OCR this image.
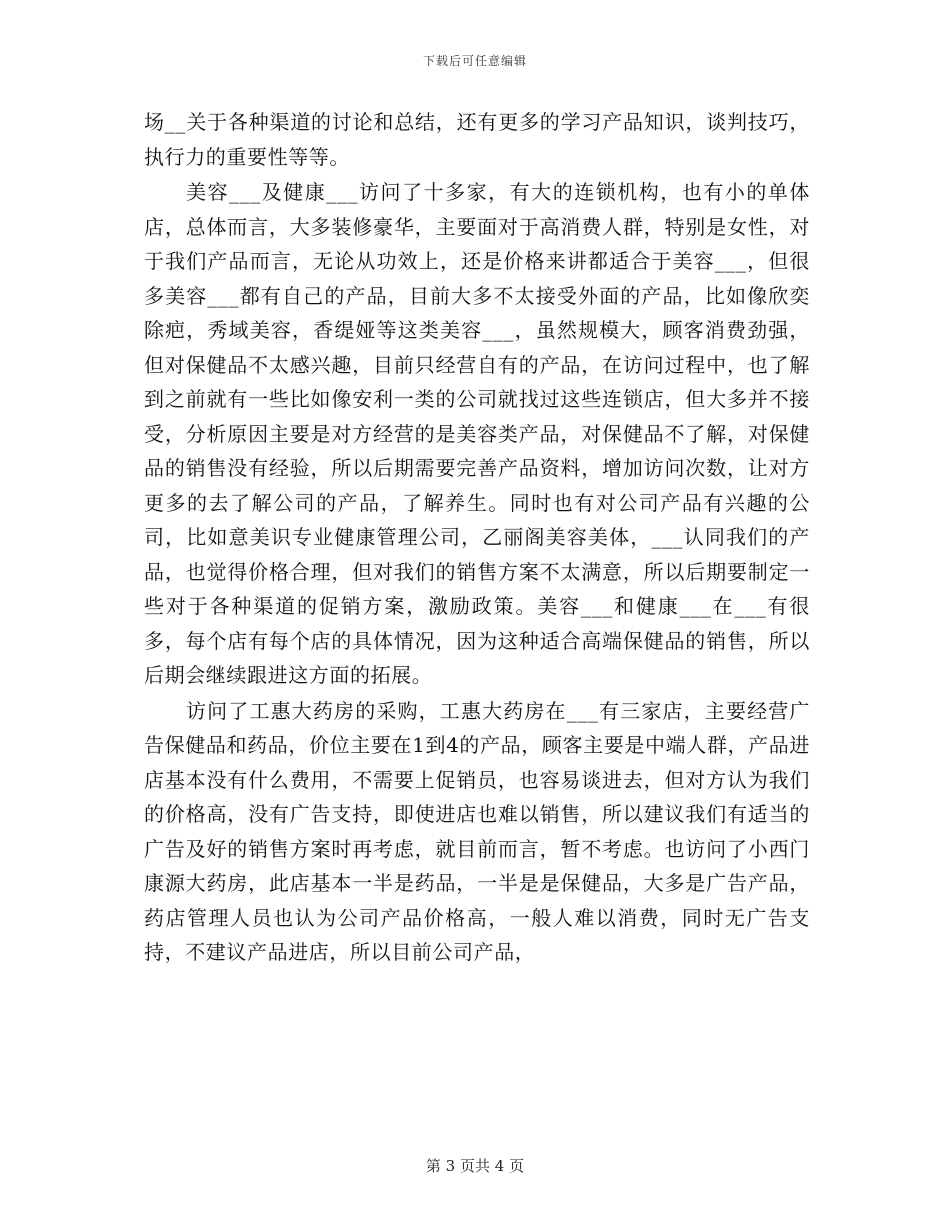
下载后可任意编辑

场__关于各种渠道的讨论和总结，还有更多的学习产品知识，谈判技巧，执行力的重要性等等。

美容___及健康___访问了十多家，有大的连锁机构，也有小的单体店，总体而言，大多装修豪华，主要面对于高消费人群，特别是女性，对于我们产品而言，无论从功效上，还是价格来讲都适合于美容___，但很多美容___都有自己的产品，目前大多不太接受外面的产品，比如像欣奕除疤，秀域美容，香缇娅等这类美容___，虽然规模大，顾客消费劲强，但对保健品不太感兴趣，目前只经营自有的产品，在访问过程中，也了解到之前就有一些比如像安利一类的公司就找过这些连锁店，但大多并不接受，分析原因主要是对方经营的是美容类产品，对保健品不了解，对保健品的销售没有经验，所以后期需要完善产品资料，增加访问次数，让对方更多的去了解公司的产品，了解养生。同时也有对公司产品有兴趣的公司，比如意美识专业健康管理公司，乙丽阁美容美体，___认同我们的产品，也觉得价格合理，但对我们的销售方案不太满意，所以后期要制定一些对于各种渠道的促销方案，激励政策。美容___和健康___在___有很多，每个店有每个店的具体情况，因为这种适合高端保健品的销售，所以后期会继续跟进这方面的拓展。

访问了工惠大药房的采购，工惠大药房在___有三家店，主要经营广告保健品和药品，价位主要在1到4的产品，顾客主要是中端人群，产品进店基本没有什么费用，不需要上促销员，也容易谈进去，但对方认为我们的价格高，没有广告支持，即使进店也难以销售，所以建议我们有适当的广告及好的销售方案时再考虑，就目前而言，暂不考虑。也访问了小西门康源大药房，此店基本一半是药品，一半是是保健品，大多是广告产品，药店管理人员也认为公司产品价格高，一般人难以消费，同时无广告支持，不建议产品进店，所以目前公司产品，

第 3 页共 4 页
